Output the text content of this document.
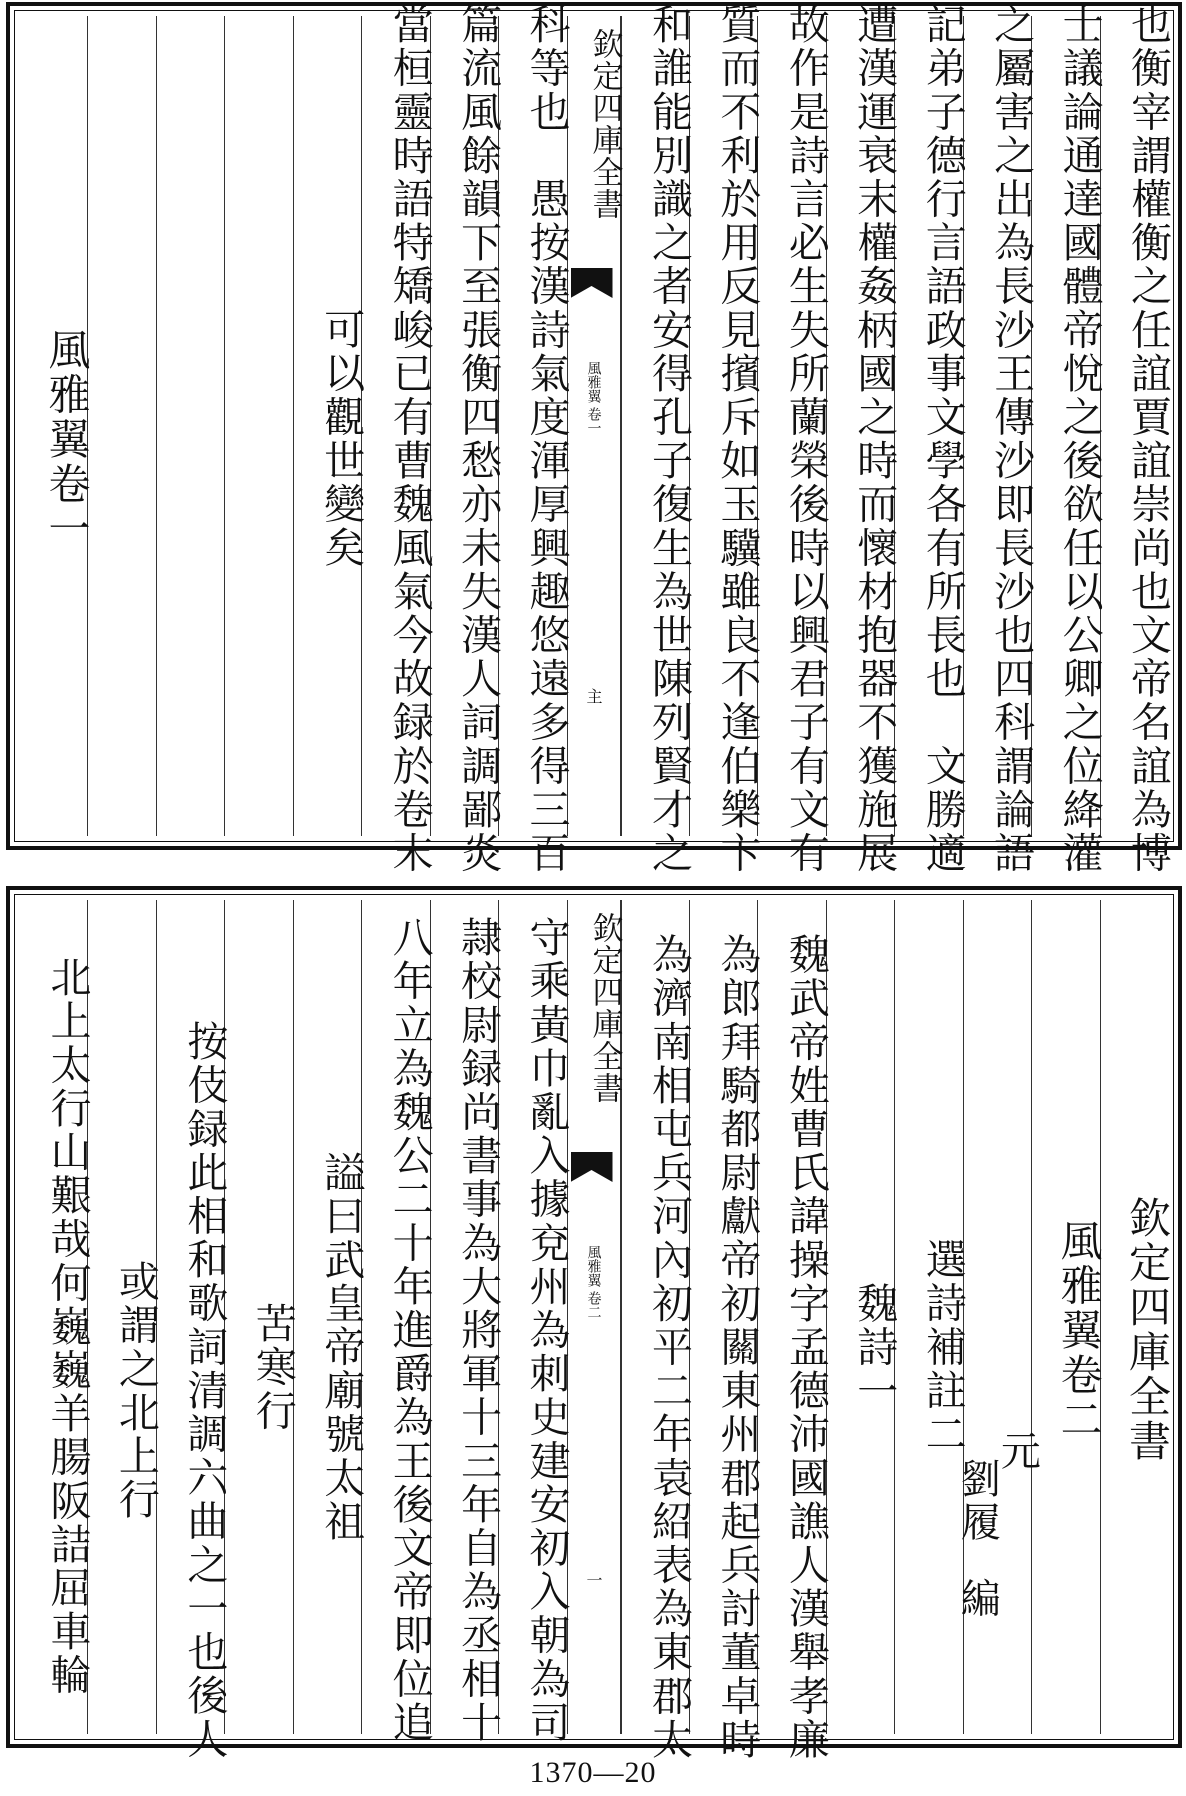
也衡宰謂權衡之任誼賈誼崇尚也文帝名誼為博
士議論通達國體帝悅之後欲任以公卿之位絳灌
之屬害之出為長沙王傳沙即長沙也四科謂論語
記弟子德行言語政事文學各有所長也　文勝適
遭漢運衰末權姦柄國之時而懷材抱器不獲施展
故作是詩言必生失所蘭榮後時以興君子有文有
質而不利於用反見擯斥如玉驥雖良不逢伯樂卞
和誰能別識之者安得孔子復生為世陳列賢才之
欽定四庫全書
風雅翼
卷一
主
科等也　愚按漢詩氣度渾厚興趣悠遠多得三百
篇流風餘韻下至張衡四愁亦未失漢人詞調鄙炎
當桓靈時語特矯峻已有曹魏風氣今故録於卷末
可以觀世變矣
風雅翼卷一
欽定四庫全書
風雅翼卷二
元
劉履編
選詩補註二
魏詩一
魏武帝姓曹氏諱操字孟德沛國譙人漢舉孝廉
為郎拜騎都尉獻帝初關東州郡起兵討董卓時
為濟南相屯兵河內初平二年袁紹表為東郡太
欽定四庫全書
風雅翼
卷二
一
守乘黃巾亂入據兗州為刺史建安初入朝為司
隷校尉録尚書事為大將軍十三年自為丞相十
八年立為魏公二十年進爵為王後文帝即位追
謚曰武皇帝廟號太祖
苦寒行
按伎録此相和歌詞清調六曲之一也後人
或謂之北上行
北上太行山艱哉何巍巍羊腸阪詰屈車輪
1370—20
